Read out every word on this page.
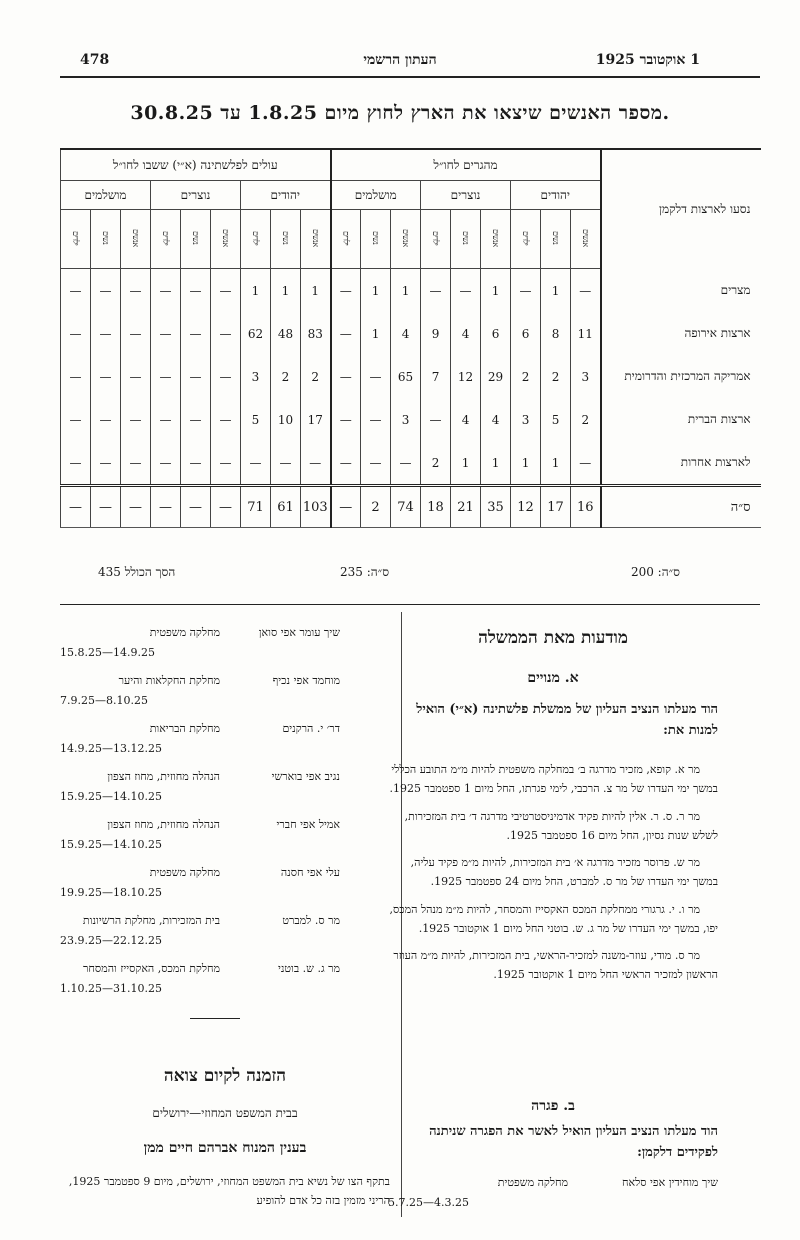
478	העתון הרשמי	1 אוקטובר 1925
מספר האנשים שיצאו את הארץ לחוץ מיום 1.8.25 עד 30.8.25.
נסעו לארצות דלקמן	מהגרים לחו״ל									עולים לפלשתינה (א״י) ששבו לחו״ל								
	יהודים			נוצרים			מושלמים			יהודים			נוצרים			מושלמים		
	אנשים	נשים	ילדים	אנשים	נשים	ילדים	אנשים	נשים	ילדים	אנשים	נשים	ילדים	אנשים	נשים	ילדים	אנשים	נשים	ילדים
מצרים	—	1	—	1	—	—	1	1	—	1	1	1	—	—	—	—	—	—
ארצות אירופה	11	8	6	6	4	9	4	1	—	83	48	62	—	—	—	—	—	—
אמריקה המרכזית והדרומית	3	2	2	29	12	7	65	—	—	2	2	3	—	—	—	—	—	—
ארצות הברית	2	5	3	4	4	—	3	—	—	17	10	5	—	—	—	—	—	—
לארצות אחרות	—	1	1	1	1	2	—	—	—	—	—	—	—	—	—	—	—	—
ס״ה	16	17	12	35	21	18	74	2	—	103	61	71	—	—	—	—	—	—
ס״ה: 200
ס״ה: 235
הסך הכולל 435
מודעות מאת הממשלה
א. מנויים
הוד מעלתו הנציב העליון של ממשלת פלשתינה (א״י) הואיל למנות את:

מר א. קופא, מזכיר מדרגה ב׳ במחלקה משפטית להיות מ״מ התובע הכללי במשך ימי העדרו של מר צ. הרכבי, לימי פגרתו, החל מיום 1 ספטמבר 1925.

מר ר. ס. ר. אלין להיות פקיד אדמיניסטרטיבי מדרגה ד׳ בית המזכירות, לשלש שנות נסיון, החל מיום 16 ספטמבר 1925.

מר ש. פרוסר מזכיר מדרגה א׳ בית המזכירות, להיות מ״מ פקיד עליה, במשך ימי העדרו של מר ס. למברט, החל מיום 24 ספטמבר 1925.

מר ו. י. גרגורי ממחלקת המכס האקסייז והמסחר, להיות מ״מ מנהל המכס, יפו, במשך ימי העדרו של מר ג. ש. בוטני החל מיום 1 אוקטובר 1925.

מר ס. מודי, עוזר-משנה למזכיר-הראשי, בית המזכירות, להיות מ״מ העוזר הראשון למזכיר הראשי החל מיום 1 אוקטובר 1925.

ב. פגרה
הוד מעלתו הנציב העליון הואיל לאשר את הפגרה שניתנה לפקידים דלקמן:
שיך מוחידין אפי סלאח
מחלקה משפטית
4.3.25—5.7.25
שיך עומר אפי סואן
מחלקה משפטית
14.9.25—15.8.25
מוחמד אפי נכיף
מחלקת החקלאות והיער
8.10.25—7.9.25
דר׳ י. הרקנים
מחלקת הבריאות
13.12.25—14.9.25
נגיב אפי בוארשי
הנהלה מחוזית, מחוז הצפון
14.10.25—15.9.25
אמיל אפי חברי
הנהלה מחוזית, מחוז הצפון
14.10.25—15.9.25
עלי אפי חסנה
מחלקה משפטית
18.10.25—19.9.25
מר ס. למברט
בית המזכירות, מחלקת הרשיונות
22.12.25—23.9.25
מר ג. ש. בוטני
מחלקת המכס, האקסייז והמסחר
31.10.25—1.10.25
הזמנה לקיום צואה
בבית המשפט המחוזי—ירושלים
בענין המנוח אברהם חיים ממן
בתקף הצו של נשיא בית המשפט המחוזי, ירושלים, מיום 9 ספטמבר 1925, הריני מזמין בזה כל אדם להופיע
